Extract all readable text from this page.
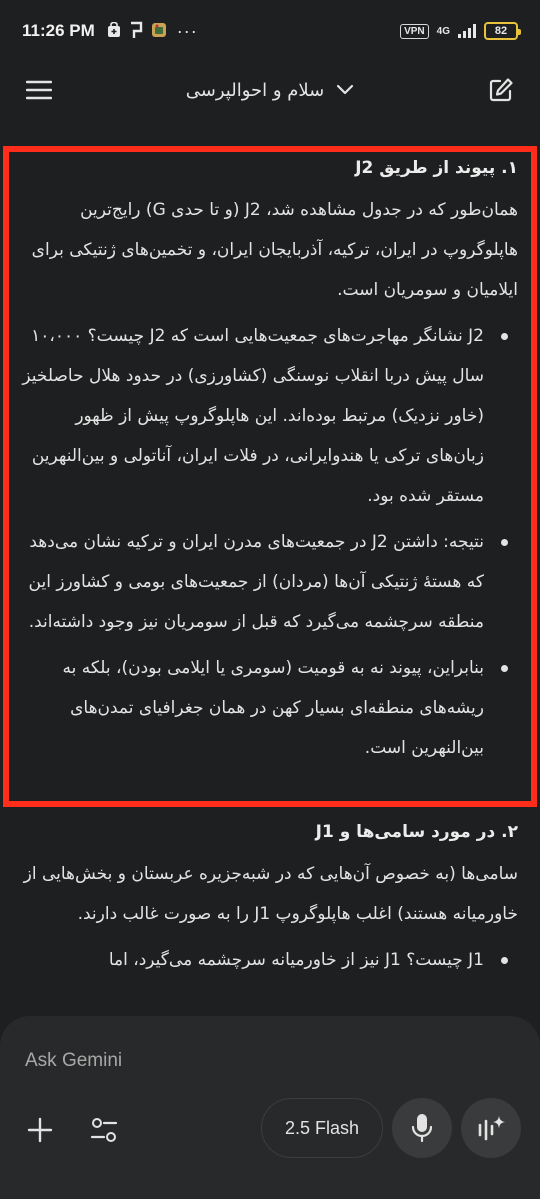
11:26 PM	···	VPN	4G	82
سلام و احوالپرسی
۱. پیوند از طریق J2
همان‌طور که در جدول مشاهده شد، J2 (و تا حدی G) رایج‌ترین هاپلوگروپ در ایران، ترکیه، آذربایجان ایران، و تخمین‌های ژنتیکی برای ایلامیان و سومریان است.
J2 نشانگر مهاجرت‌های جمعیت‌هایی است که J2 چیست؟ ۱۰،۰۰۰ سال پیش دربا انقلاب نوسنگی (کشاورزی) در حدود هلال حاصلخیز (خاور نزدیک) مرتبط بوده‌اند. این هاپلوگروپ پیش از ظهور زبان‌های ترکی یا هندوایرانی، در فلات ایران، آناتولی و بین‌النهرین مستقر شده بود.
نتیجه: داشتن J2 در جمعیت‌های مدرن ایران و ترکیه نشان می‌دهد که هستهٔ ژنتیکی آن‌ها (مردان) از جمعیت‌های بومی و کشاورز این منطقه سرچشمه می‌گیرد که قبل از سومریان نیز وجود داشته‌اند.
بنابراین، پیوند نه به قومیت (سومری یا ایلامی بودن)، بلکه به ریشه‌های منطقه‌ای بسیار کهن در همان جغرافیای تمدن‌های بین‌النهرین است.
۲. در مورد سامی‌ها و J1
سامی‌ها (به خصوص آن‌هایی که در شبه‌جزیره عربستان و بخش‌هایی از خاورمیانه هستند) اغلب هاپلوگروپ J1 را به صورت غالب دارند.
J1 چیست؟ J1 نیز از خاورمیانه سرچشمه می‌گیرد، اما
Ask Gemini
2.5 Flash
